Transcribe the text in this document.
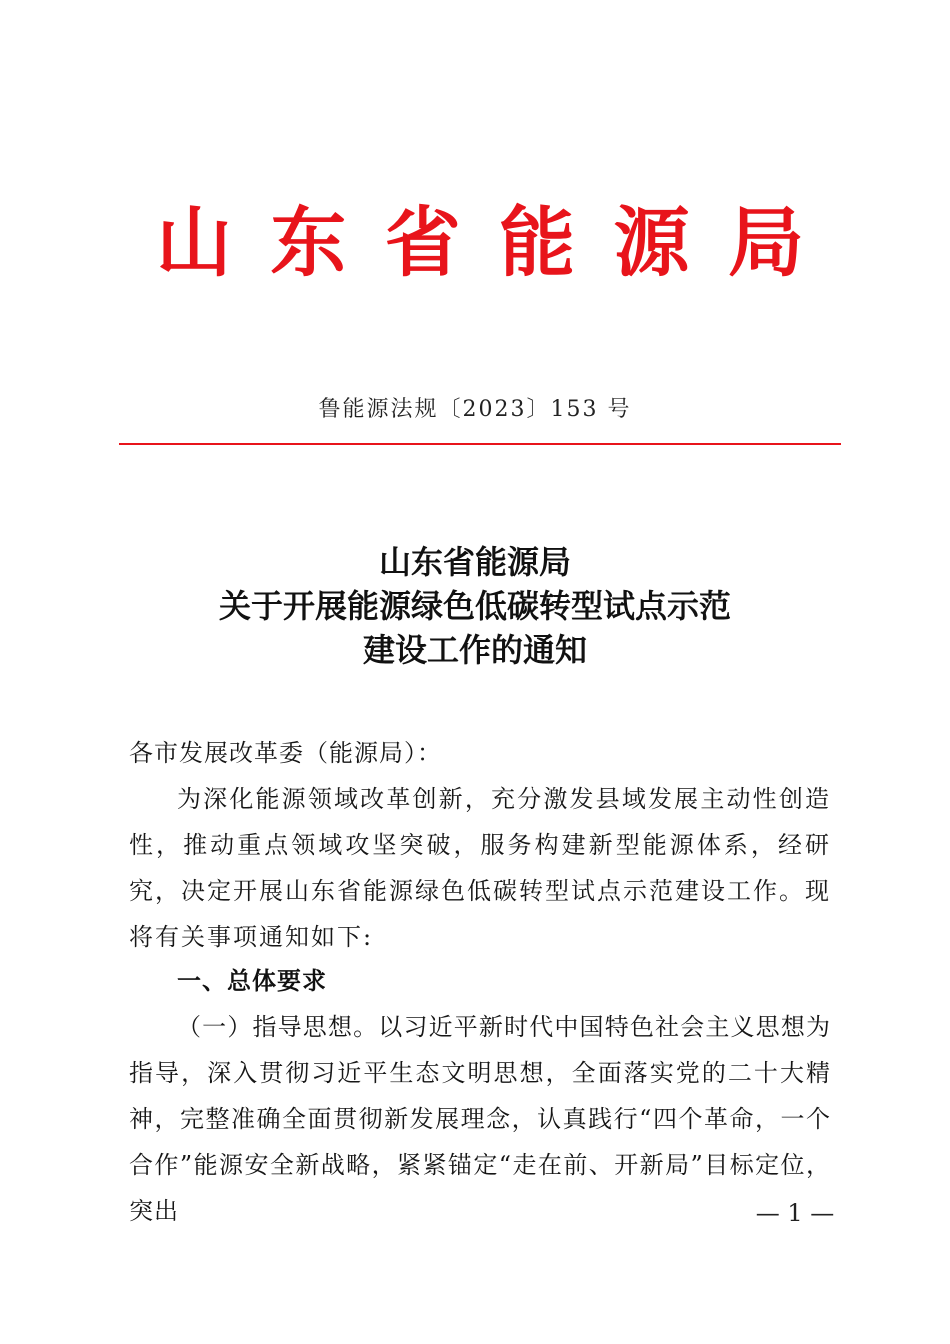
山 东 省 能 源 局
鲁能源法规〔2023〕153 号
山东省能源局
关于开展能源绿色低碳转型试点示范
建设工作的通知
各市发展改革委（能源局）：
为深化能源领域改革创新，充分激发县域发展主动性创造性，推动重点领域攻坚突破，服务构建新型能源体系，经研究，决定开展山东省能源绿色低碳转型试点示范建设工作。现将有关事项通知如下:
一、总体要求
（一）指导思想。以习近平新时代中国特色社会主义思想为指导，深入贯彻习近平生态文明思想，全面落实党的二十大精神，完整准确全面贯彻新发展理念，认真践行“四个革命，一个合作”能源安全新战略，紧紧锚定“走在前、开新局”目标定位，突出	— 1 —
